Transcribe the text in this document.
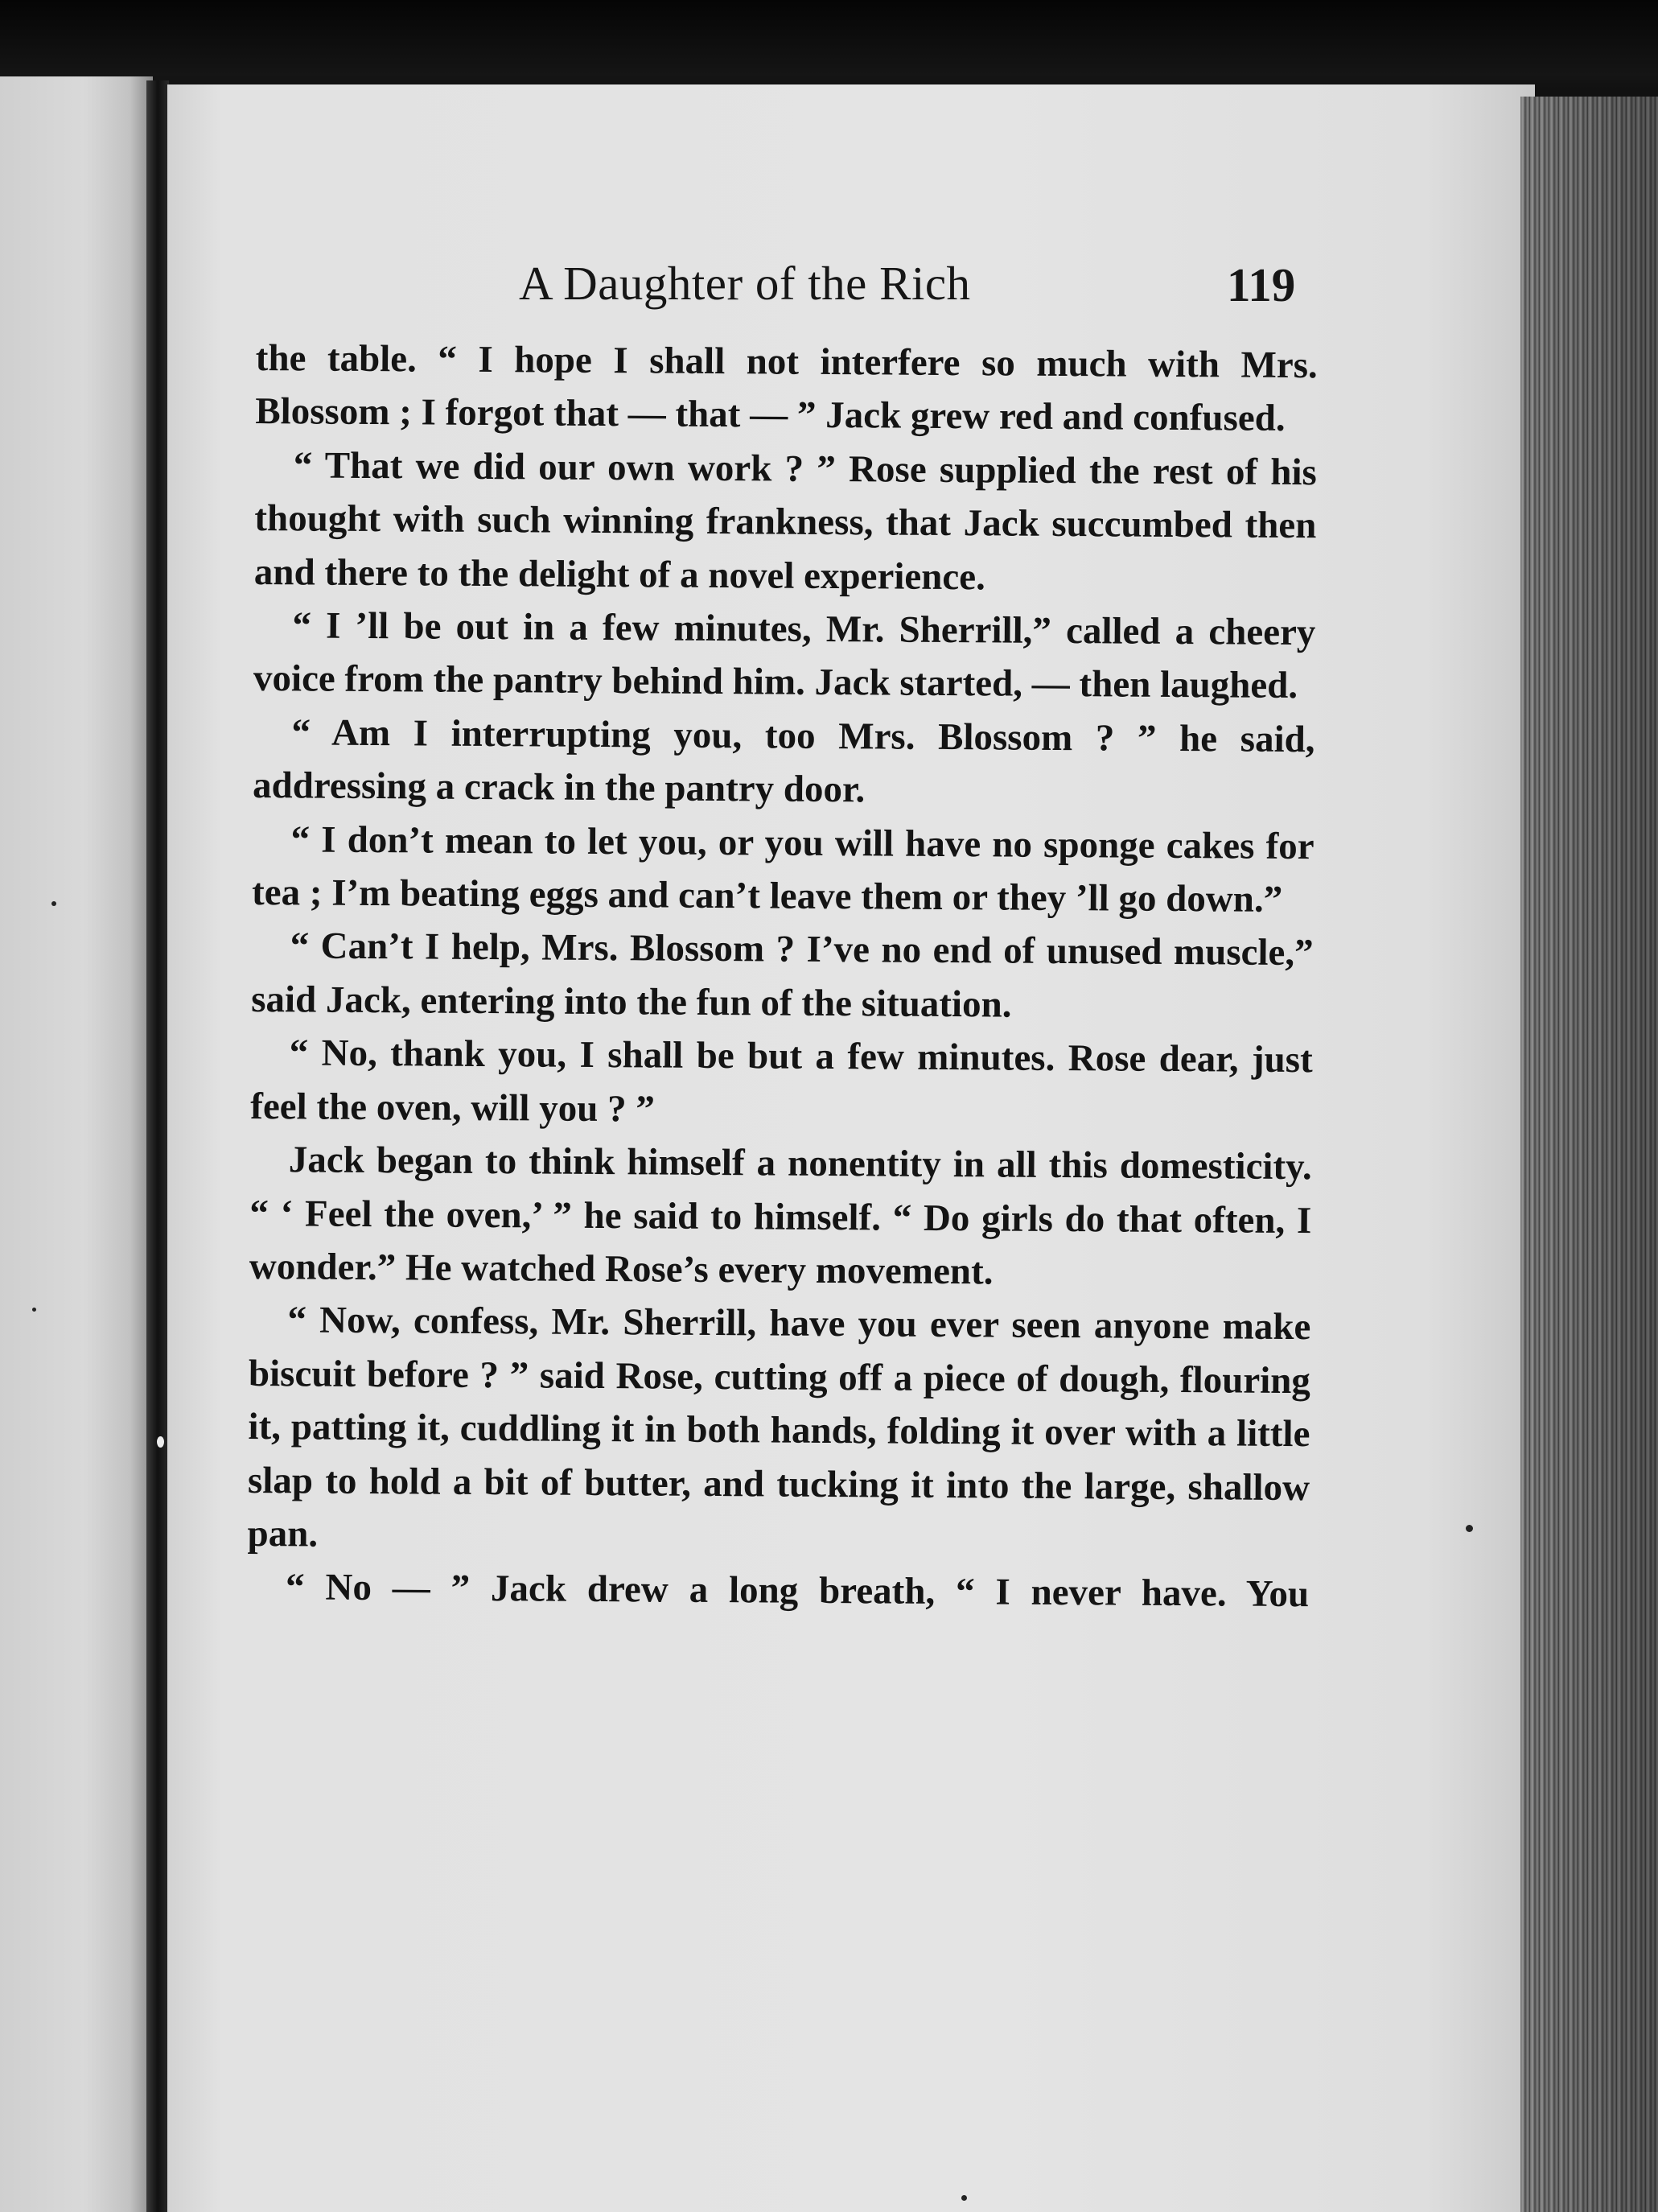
A Daughter of the Rich	119

the table. “ I hope I shall not interfere so much with Mrs. Blossom ; I forgot that — that — ” Jack grew red and confused.

“ That we did our own work ? ” Rose supplied the rest of his thought with such winning frankness, that Jack succumbed then and there to the delight of a novel experience.

“ I ’ll be out in a few minutes, Mr. Sherrill,” called a cheery voice from the pantry behind him. Jack started, — then laughed.

“ Am I interrupting you, too Mrs. Blossom ? ” he said, addressing a crack in the pantry door.

“ I don’t mean to let you, or you will have no sponge cakes for tea ; I’m beating eggs and can’t leave them or they ’ll go down.”

“ Can’t I help, Mrs. Blossom ? I’ve no end of unused muscle,” said Jack, entering into the fun of the situation.

“ No, thank you, I shall be but a few minutes. Rose dear, just feel the oven, will you ? ”

Jack began to think himself a nonentity in all this domesticity. “ ‘ Feel the oven,’ ” he said to himself. “ Do girls do that often, I wonder.” He watched Rose’s every movement.

“ Now, confess, Mr. Sherrill, have you ever seen anyone make biscuit before ? ” said Rose, cutting off a piece of dough, flouring it, patting it, cuddling it in both hands, folding it over with a little slap to hold a bit of butter, and tucking it into the large, shallow pan.

“ No — ” Jack drew a long breath, “ I never have. You
